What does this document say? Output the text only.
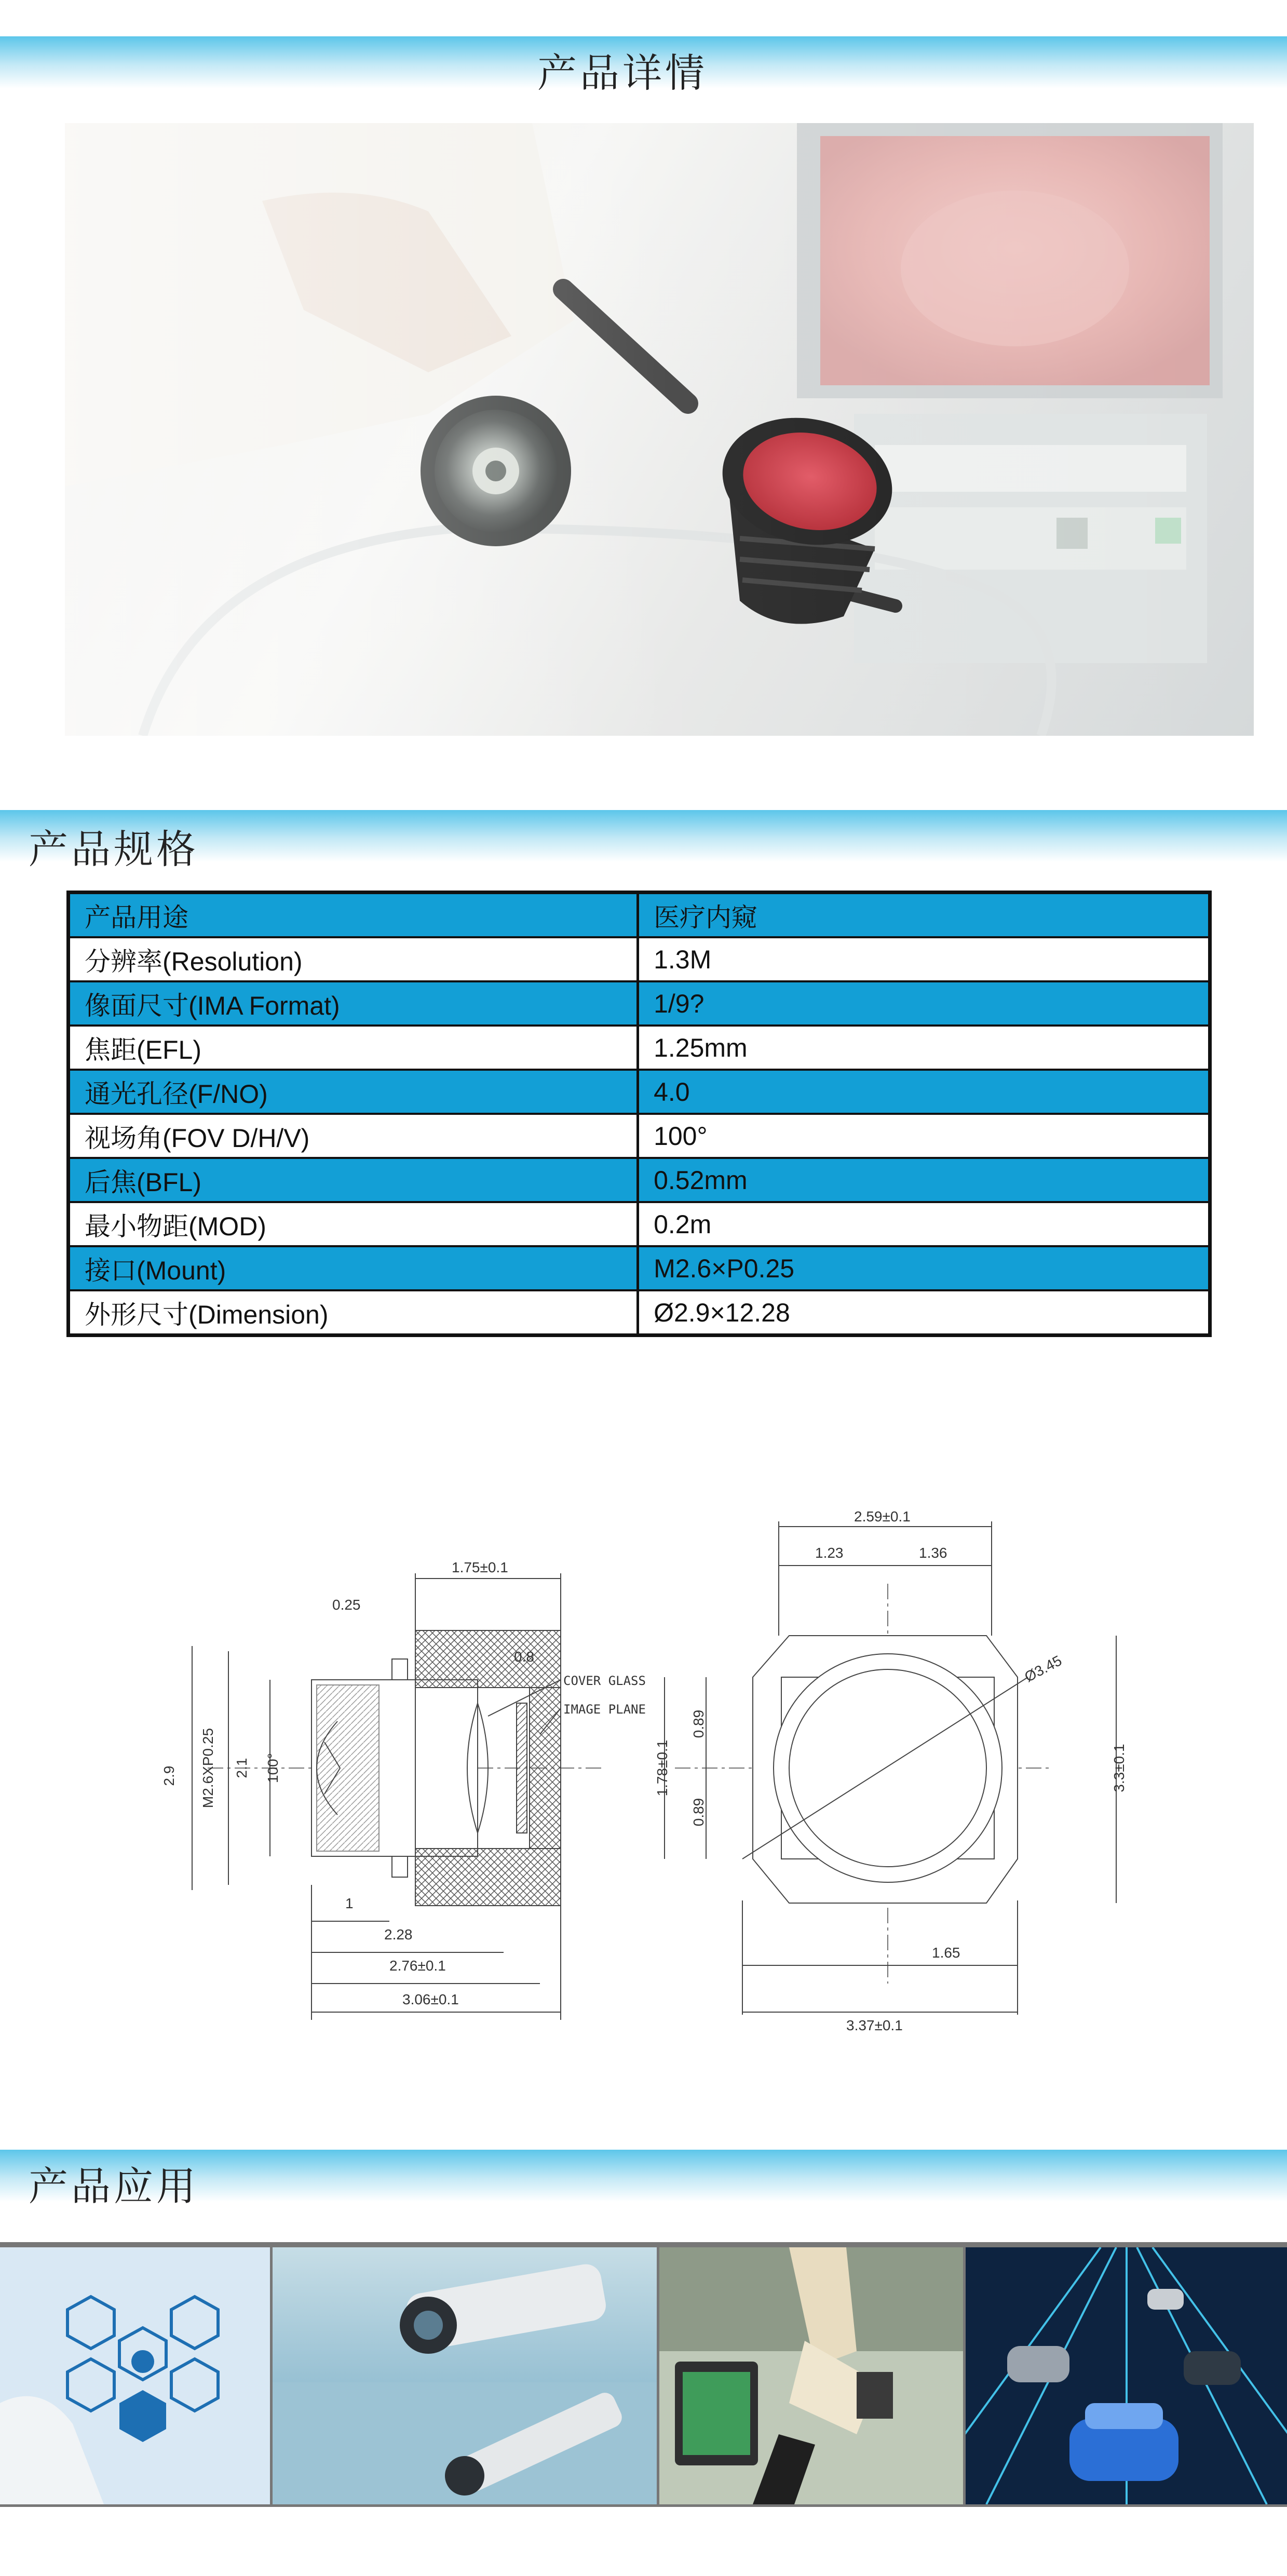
产品详情
产品规格
产品用途	医疗内窥
分辨率(Resolution)	1.3M
像面尺寸(IMA Format)	1/9?
焦距(EFL)	1.25mm
通光孔径(F/NO)	4.0
视场角(FOV D/H/V)	100°
后焦(BFL)	0.52mm
最小物距(MOD)	0.2m
接口(Mount)	M2.6×P0.25
外形尺寸(Dimension)	Ø2.9×12.28
1.75±0.1
0.25
0.8
COVER GLASS
IMAGE PLANE
2.9 M2.6XP0.25 2.1 100°
1
2.28
2.76±0.1
3.06±0.1
2.59±0.1
1.23	1.36
Ø3.45
0.89
0.89
1.78±0.1	3.3±0.1
1.65
3.37±0.1
产品应用
